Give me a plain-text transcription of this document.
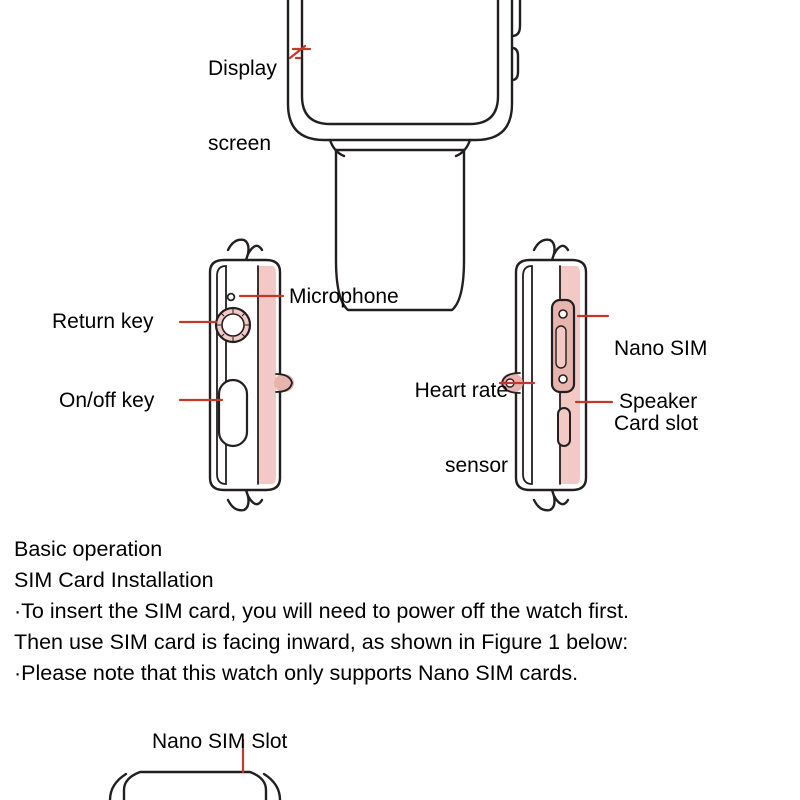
Display

screen

Return key
Microphone
On/off key

Nano SIM

Card slot

Heart rate

sensor

Speaker
Basic operation
SIM Card Installation
·To insert the SIM card, you will need to power off the watch first.
Then use SIM card is facing inward, as shown in Figure 1 below:
·Please note that this watch only supports Nano SIM cards.
Nano SIM Slot
